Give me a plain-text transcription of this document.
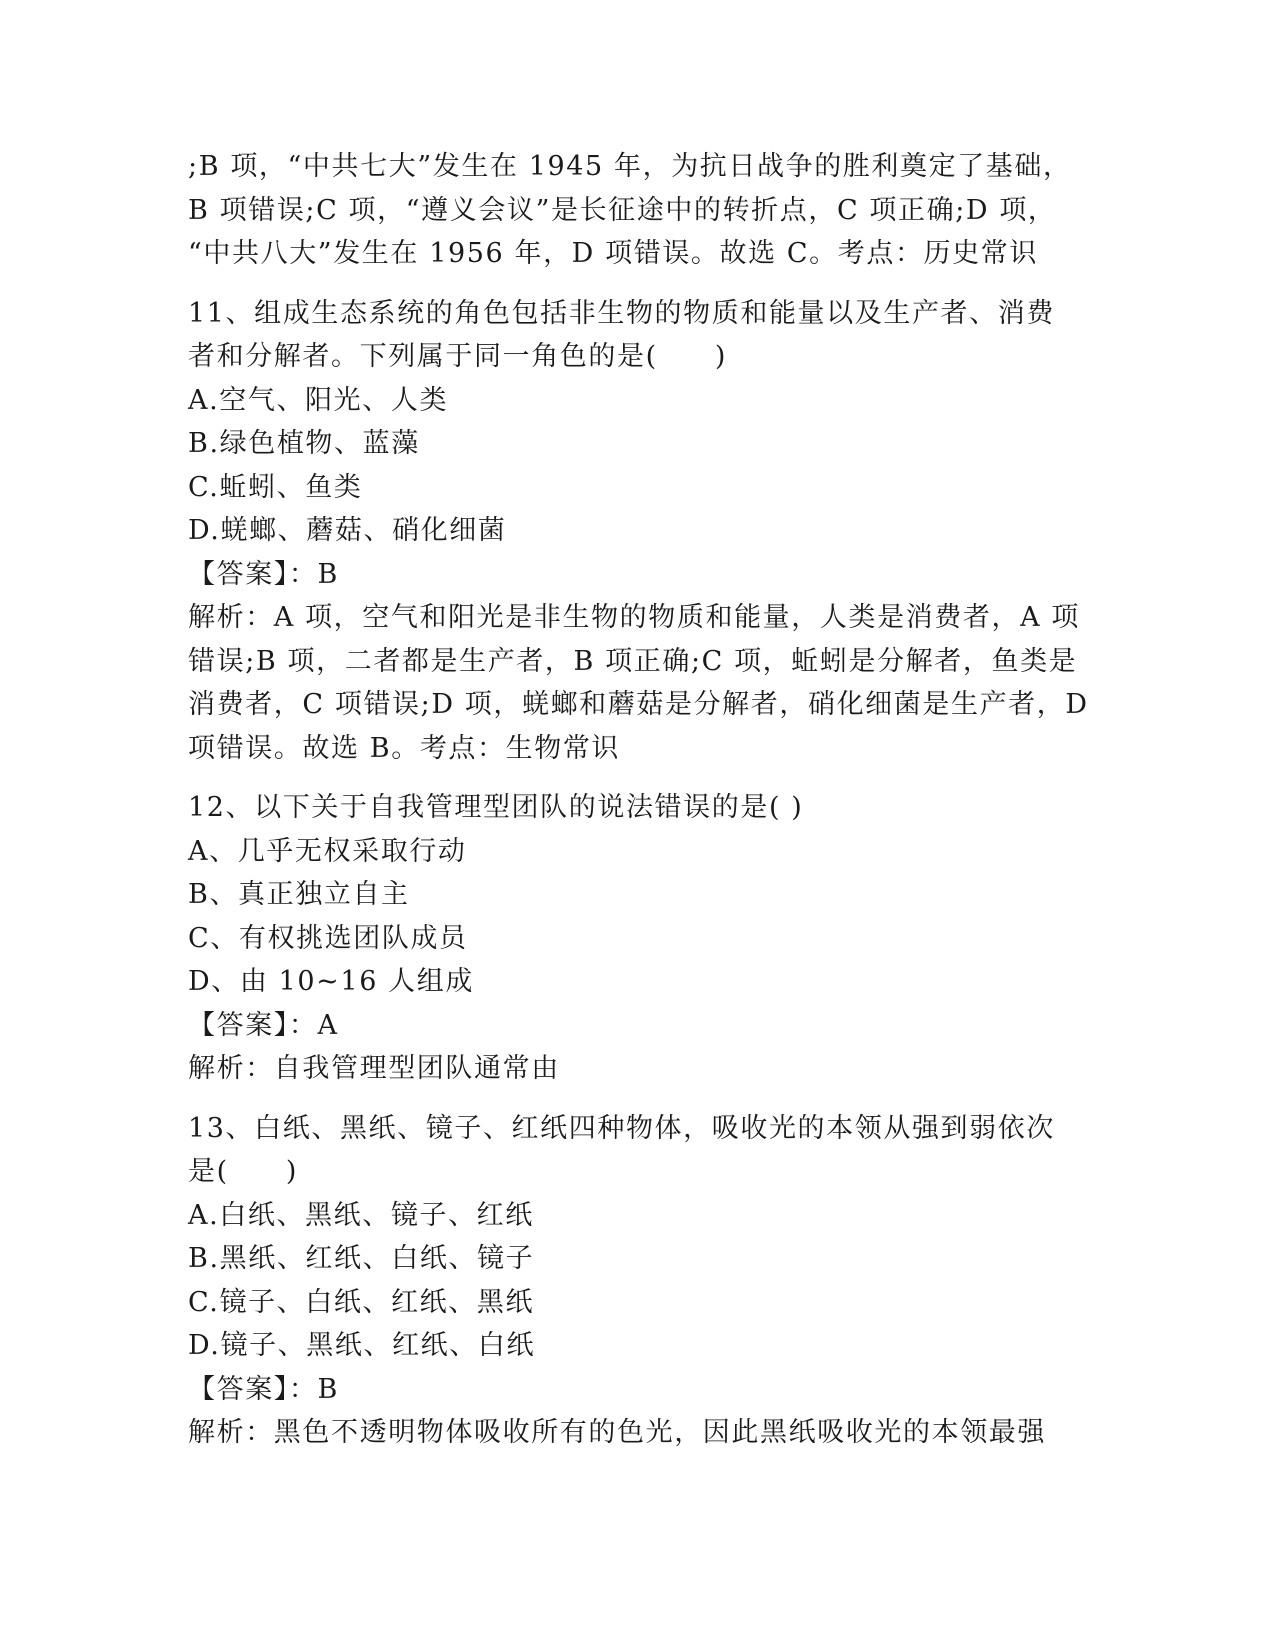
;B 项，“中共七大”发生在 1945 年，为抗日战争的胜利奠定了基础，
B 项错误;C 项，“遵义会议”是长征途中的转折点，C 项正确;D 项，
“中共八大”发生在 1956 年，D 项错误。故选 C。考点：历史常识
11、组成生态系统的角色包括非生物的物质和能量以及生产者、消费
者和分解者。下列属于同一角色的是(　　)
A.空气、阳光、人类
B.绿色植物、蓝藻
C.蚯蚓、鱼类
D.蜣螂、蘑菇、硝化细菌
【答案】：B
解析：A 项，空气和阳光是非生物的物质和能量，人类是消费者，A 项
错误;B 项，二者都是生产者，B 项正确;C 项，蚯蚓是分解者，鱼类是
消费者，C 项错误;D 项，蜣螂和蘑菇是分解者，硝化细菌是生产者，D
项错误。故选 B。考点：生物常识
12、以下关于自我管理型团队的说法错误的是( )
A、几乎无权采取行动
B、真正独立自主
C、有权挑选团队成员
D、由 10~16 人组成
【答案】：A
解析：自我管理型团队通常由
13、白纸、黑纸、镜子、红纸四种物体，吸收光的本领从强到弱依次
是(　　)
A.白纸、黑纸、镜子、红纸
B.黑纸、红纸、白纸、镜子
C.镜子、白纸、红纸、黑纸
D.镜子、黑纸、红纸、白纸
【答案】：B
解析：黑色不透明物体吸收所有的色光，因此黑纸吸收光的本领最强
